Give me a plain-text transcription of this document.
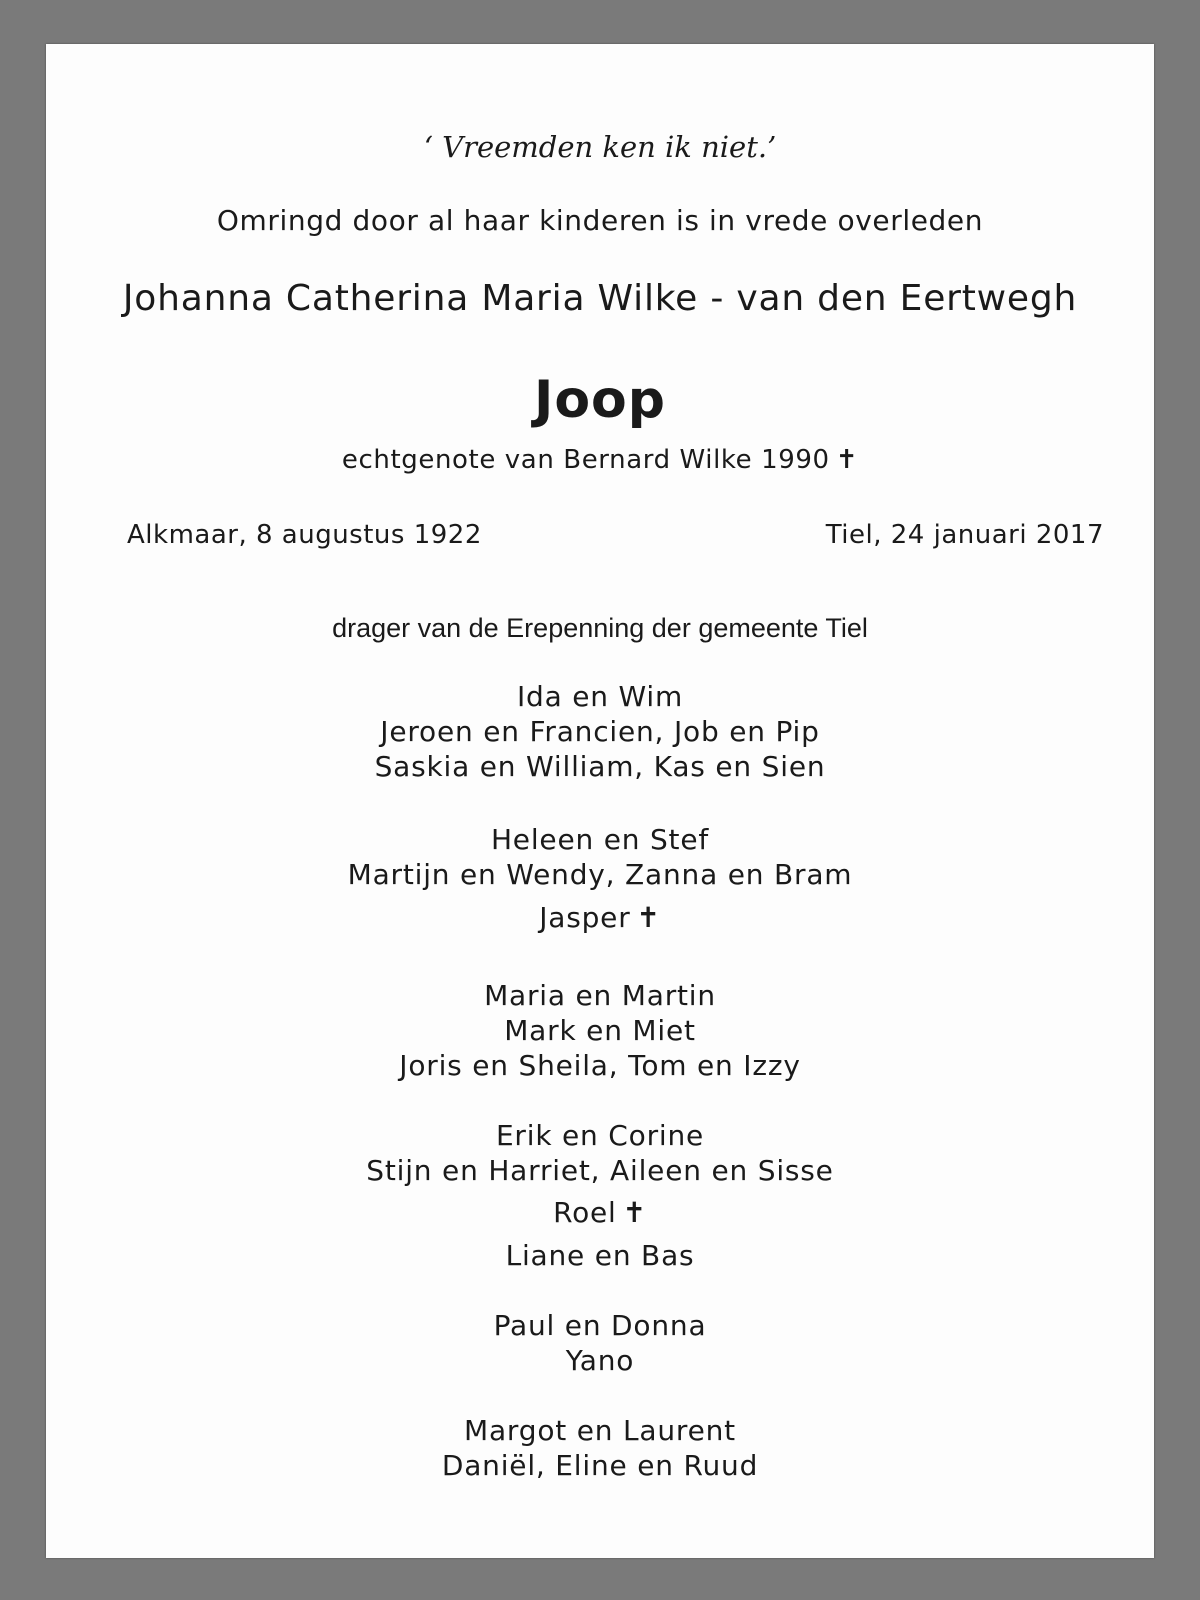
‘ Vreemden ken ik niet.’
Omringd door al haar kinderen is in vrede overleden
Johanna Catherina Maria Wilke - van den Eertwegh
Joop
echtgenote van Bernard Wilke 1990 ✝
Alkmaar, 8 augustus 1922	Tiel, 24 januari 2017
drager van de Erepenning der gemeente Tiel
Ida en Wim
Jeroen en Francien, Job en Pip
Saskia en William, Kas en Sien
Heleen en Stef
Martijn en Wendy, Zanna en Bram
Jasper ✝
Maria en Martin
Mark en Miet
Joris en Sheila, Tom en Izzy
Erik en Corine
Stijn en Harriet, Aileen en Sisse
Roel ✝
Liane en Bas
Paul en Donna
Yano
Margot en Laurent
Daniël, Eline en Ruud
